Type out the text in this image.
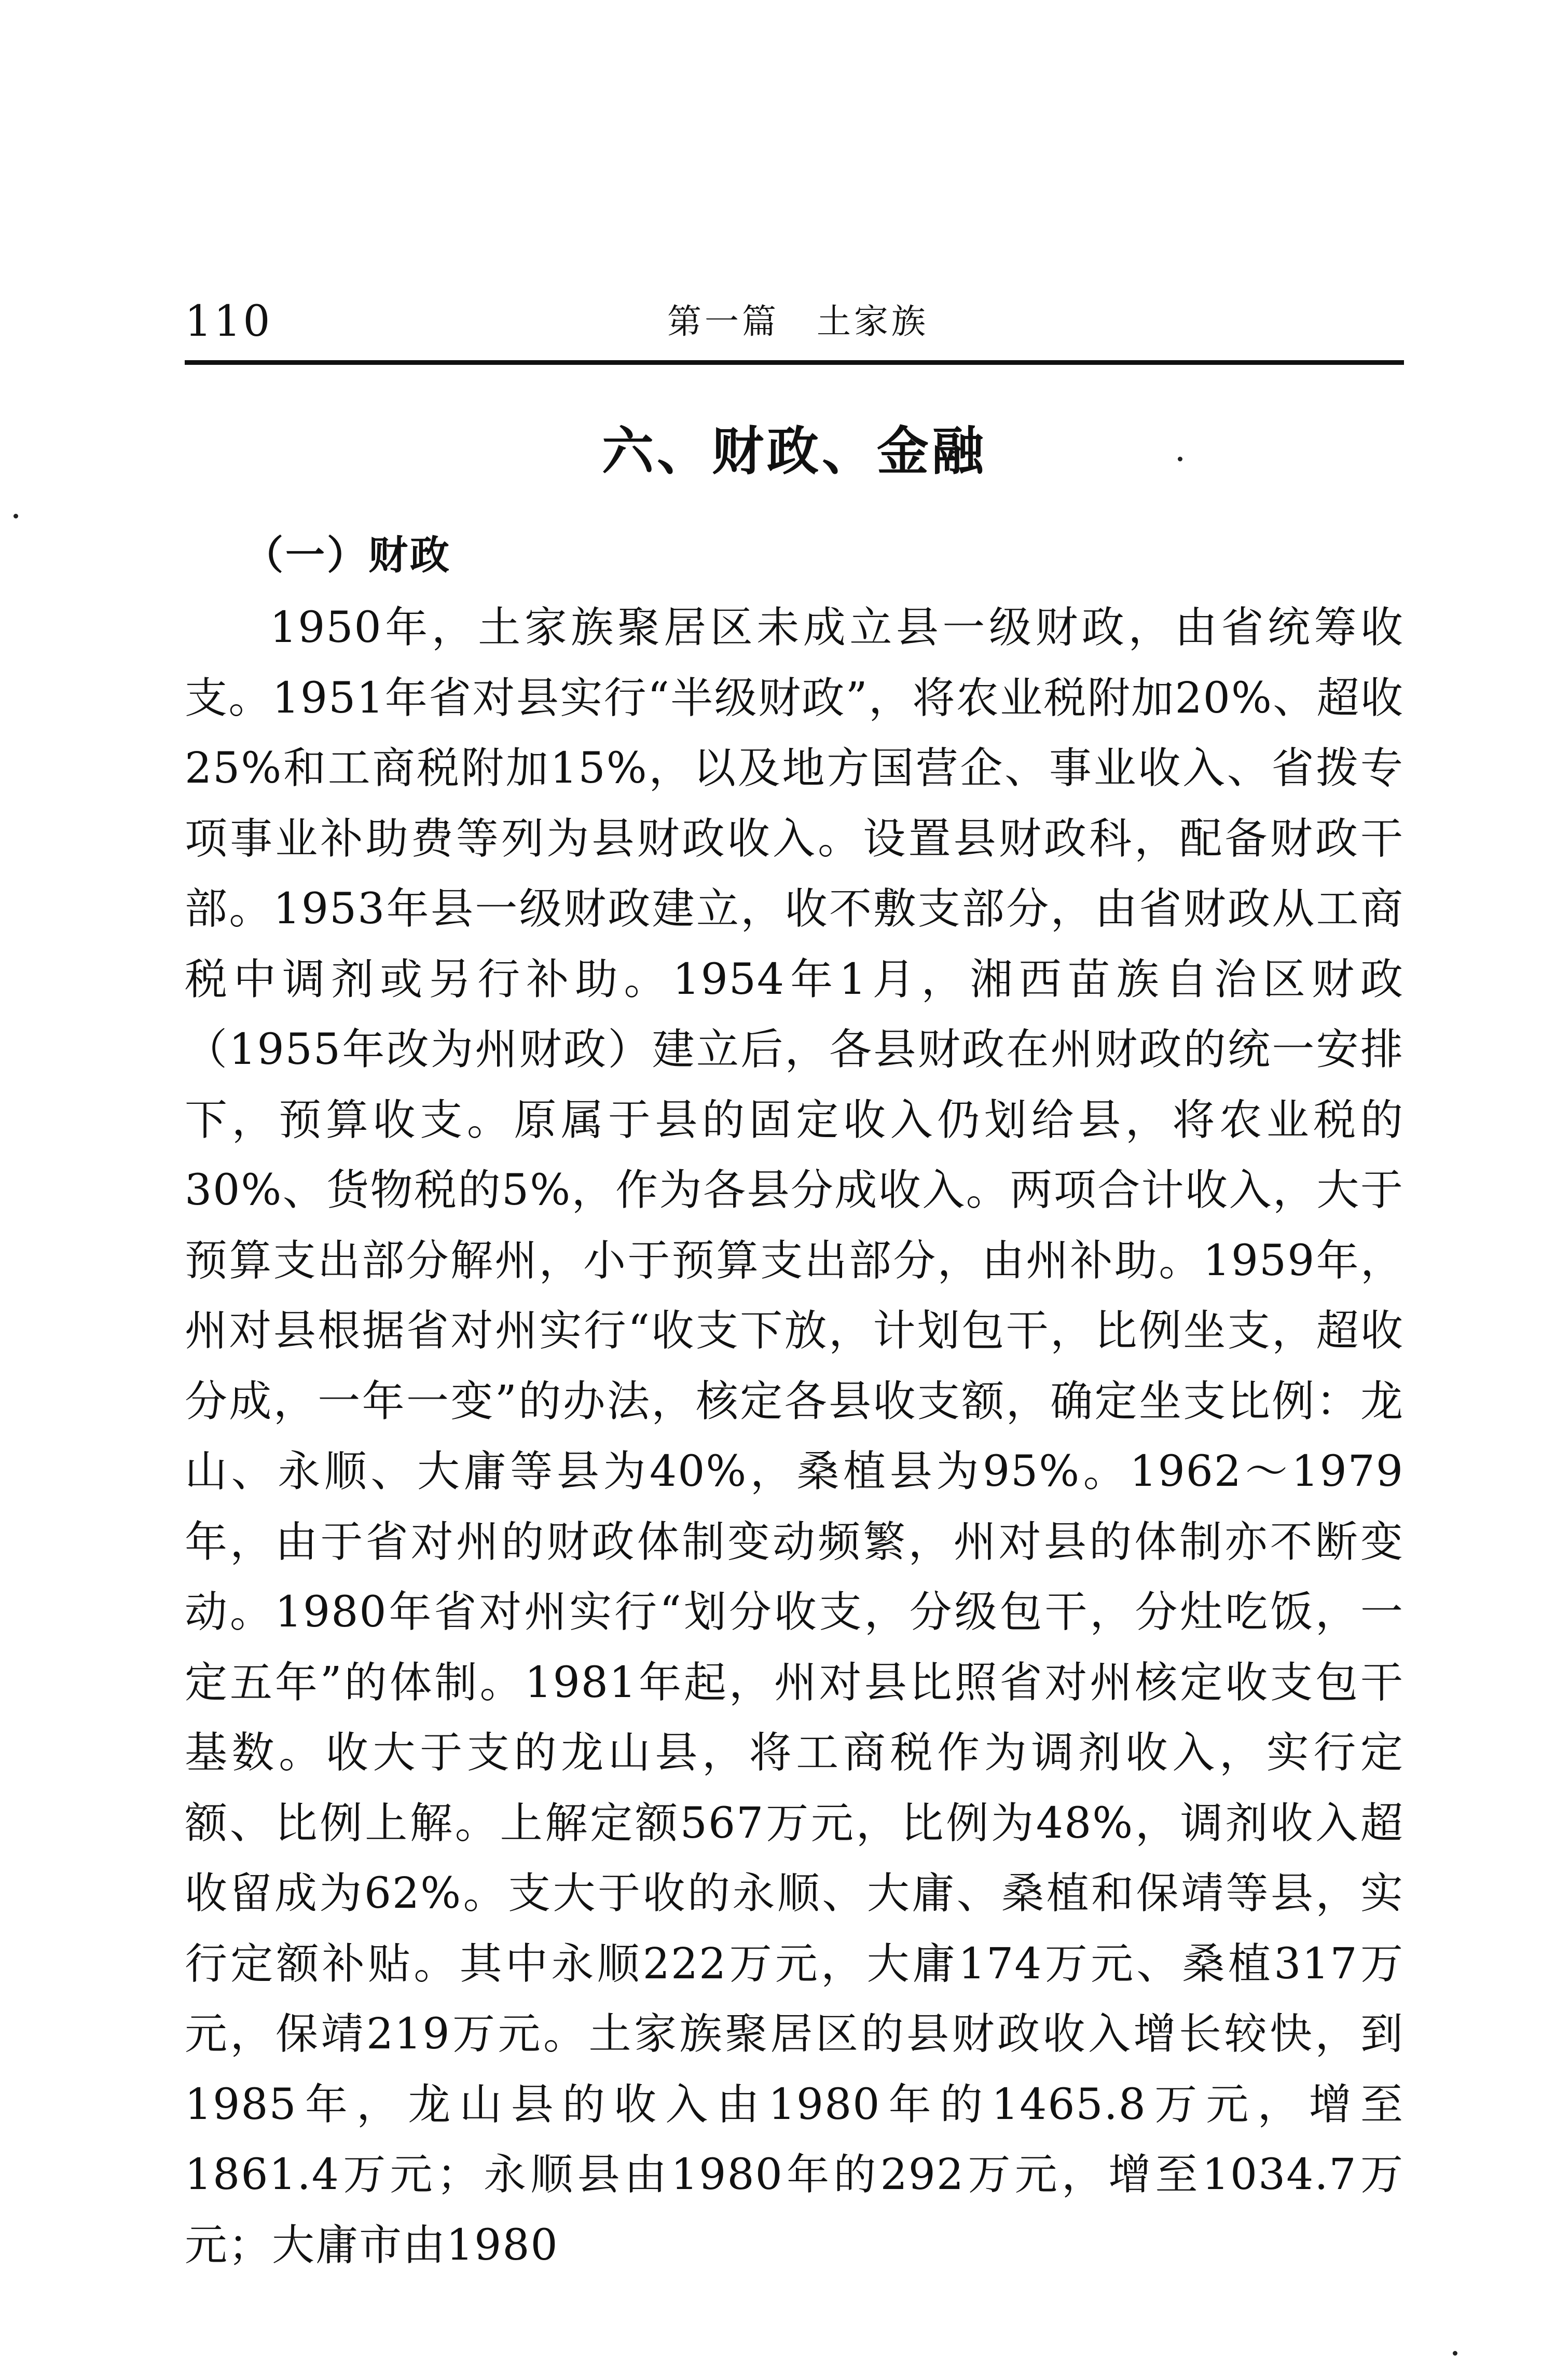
110	第一篇　土家族
六、财政、金融
（一）财政

1950年，土家族聚居区未成立县一级财政，由省统筹收支。1951年省对县实行“半级财政”，将农业税附加20%、超收25%和工商税附加15%，以及地方国营企、事业收入、省拨专项事业补助费等列为县财政收入。设置县财政科，配备财政干部。1953年县一级财政建立，收不敷支部分，由省财政从工商税中调剂或另行补助。1954年1月，湘西苗族自治区财政（1955年改为州财政）建立后，各县财政在州财政的统一安排下，预算收支。原属于县的固定收入仍划给县，将农业税的30%、货物税的5%，作为各县分成收入。两项合计收入，大于预算支出部分解州，小于预算支出部分，由州补助。1959年，州对县根据省对州实行“收支下放，计划包干，比例坐支，超收分成，一年一变”的办法，核定各县收支额，确定坐支比例：龙山、永顺、大庸等县为40%，桑植县为95%。1962～1979年，由于省对州的财政体制变动频繁，州对县的体制亦不断变动。1980年省对州实行“划分收支，分级包干，分灶吃饭，一定五年”的体制。1981年起，州对县比照省对州核定收支包干基数。收大于支的龙山县，将工商税作为调剂收入，实行定额、比例上解。上解定额567万元，比例为48%，调剂收入超收留成为62%。支大于收的永顺、大庸、桑植和保靖等县，实行定额补贴。其中永顺222万元，大庸174万元、桑植317万元，保靖219万元。土家族聚居区的县财政收入增长较快，到1985年，龙山县的收入由1980年的1465.8万元，增至1861.4万元；永顺县由1980年的292万元，增至1034.7万元；大庸市由1980
